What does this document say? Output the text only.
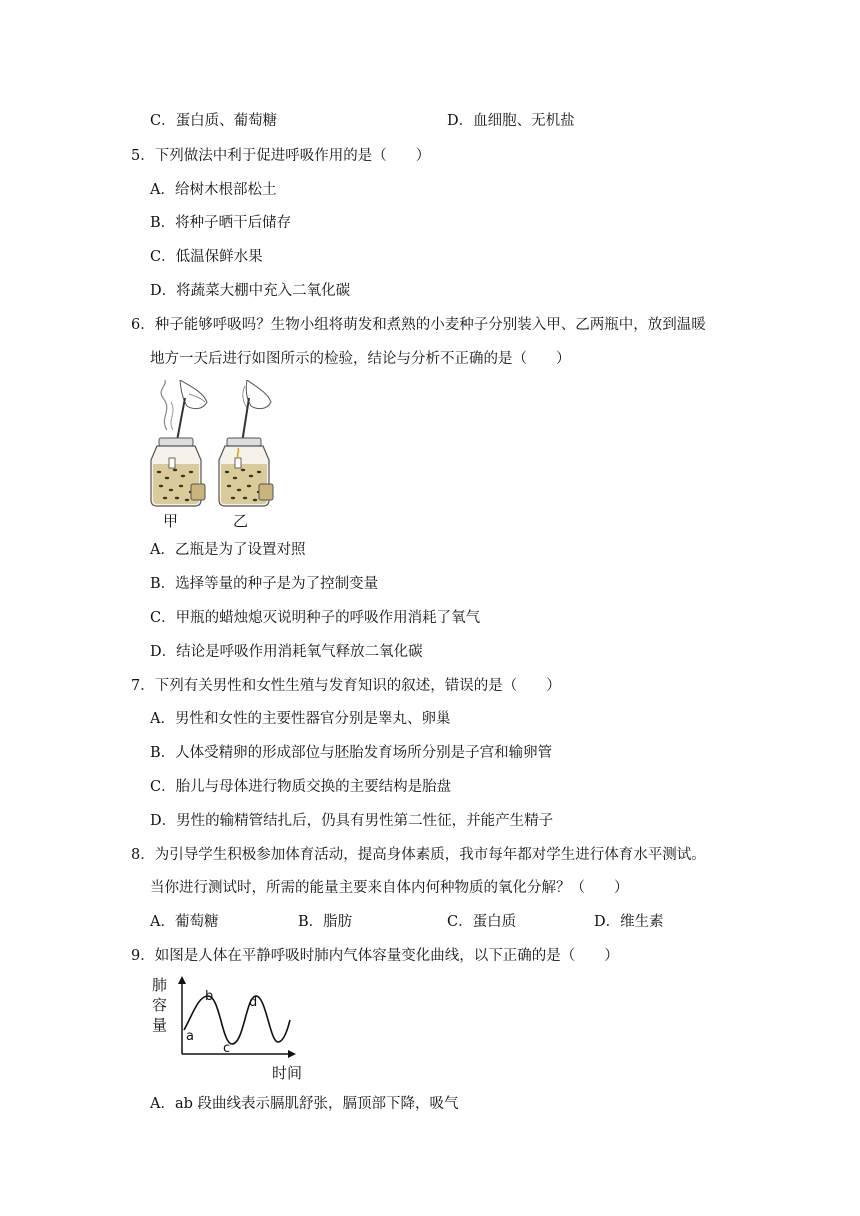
C．蛋白质、葡萄糖	D．血细胞、无机盐
5．下列做法中利于促进呼吸作用的是（　　）
A．给树木根部松土
B．将种子晒干后储存
C．低温保鲜水果
D．将蔬菜大棚中充入二氧化碳
6．种子能够呼吸吗？生物小组将萌发和煮熟的小麦种子分别装入甲、乙两瓶中，放到温暖
地方一天后进行如图所示的检验，结论与分析不正确的是（　　）
甲	乙
A．乙瓶是为了设置对照
B．选择等量的种子是为了控制变量
C．甲瓶的蜡烛熄灭说明种子的呼吸作用消耗了氧气
D．结论是呼吸作用消耗氧气释放二氧化碳
7．下列有关男性和女性生殖与发育知识的叙述，错误的是（　　）
A．男性和女性的主要性器官分别是睾丸、卵巢
B．人体受精卵的形成部位与胚胎发育场所分别是子宫和输卵管
C．胎儿与母体进行物质交换的主要结构是胎盘
D．男性的输精管结扎后，仍具有男性第二性征，并能产生精子
8．为引导学生积极参加体育活动，提高身体素质，我市每年都对学生进行体育水平测试。
当你进行测试时，所需的能量主要来自体内何种物质的氧化分解？（　　）
A．葡萄糖	B．脂肪	C．蛋白质	D．维生素
9．如图是人体在平静呼吸时肺内气体容量变化曲线，以下正确的是（　　）
肺
容
量
a
b
c
d
时间
A．ab 段曲线表示膈肌舒张，膈顶部下降，吸气
